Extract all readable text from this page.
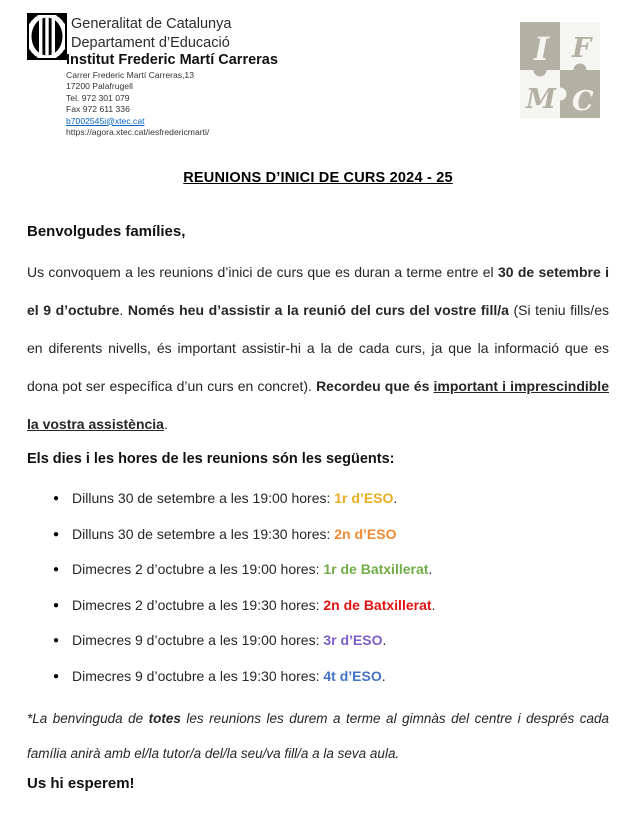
Generalitat de Catalunya
Departament d’Educació
Institut Frederic Martí Carreras
Carrer Frederic Martí Carreras,13
17200 Palafrugell
Tel. 972 301 079
Fax 972 611 336
b7002545i@xtec.cat
https://agora.xtec.cat/iesfredericmarti/
I F
M C
REUNIONS D’INICI DE CURS 2024 - 25
Benvolgudes famílies,
Us convoquem a les reunions d’inici de curs que es duran a terme entre el 30 de setembre i el 9 d’octubre. Només heu d’assistir a la reunió del curs del vostre fill/a (Si teniu fills/es en diferents nivells, és important assistir-hi a la de cada curs, ja que la informació que es dona pot ser específica d’un curs en concret). Recordeu que és important i imprescindible la vostra assistència.
Els dies i les hores de les reunions són les següents:
● Dilluns 30 de setembre a les 19:00 hores: 1r d’ESO.
● Dilluns 30 de setembre a les 19:30 hores: 2n d’ESO
● Dimecres 2 d’octubre a les 19:00 hores: 1r de Batxillerat.
● Dimecres 2 d’octubre a les 19:30 hores: 2n de Batxillerat.
● Dimecres 9 d’octubre a les 19:00 hores: 3r d’ESO.
● Dimecres 9 d’octubre a les 19:30 hores: 4t d’ESO.
*La benvinguda de totes les reunions les durem a terme al gimnàs del centre i després cada família anirà amb el/la tutor/a del/la seu/va fill/a a la seva aula.
Us hi esperem!
